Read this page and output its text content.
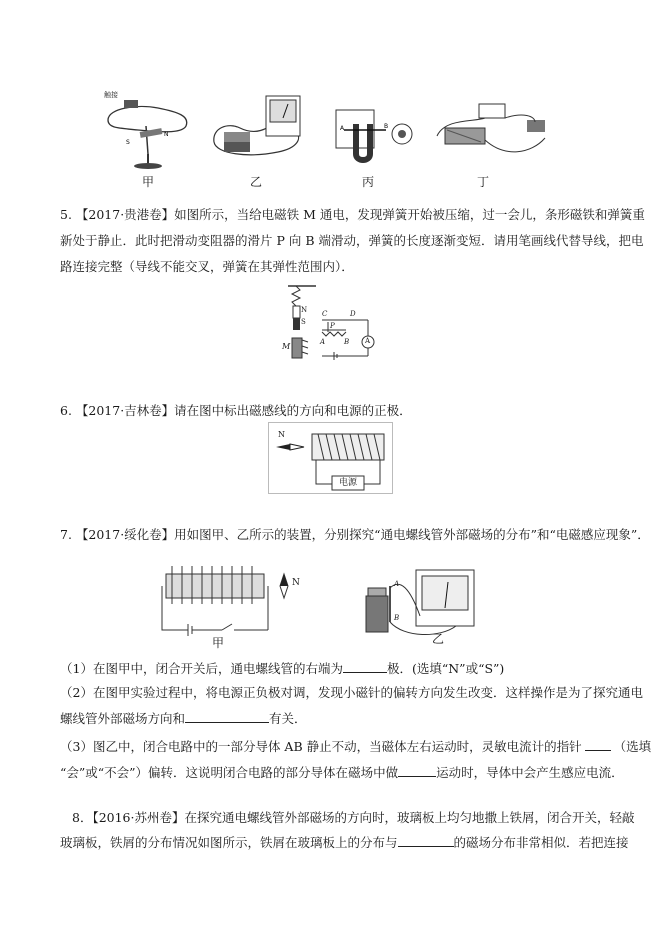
S
N
触接
甲	乙
A	B
丙	丁
5. 【2017·贵港卷】如图所示，当给电磁铁 M 通电，发现弹簧开始被压缩，过一会儿，条形磁铁和弹簧重
新处于静止．此时把滑动变阻器的滑片 P 向 B 端滑动，弹簧的长度逐渐变短．请用笔画线代替导线，把电
路连接完整（导线不能交叉，弹簧在其弹性范围内）．
N
S
M
C	D
P
A	B A
6. 【2017·吉林卷】请在图中标出磁感线的方向和电源的正极．
N
电源
7. 【2017·绥化卷】用如图甲、乙所示的装置，分别探究“通电螺线管外部磁场的分布”和“电磁感应现象”．
N
甲
A
B
乙
（1）在图甲中，闭合开关后，通电螺线管的右端为	极．(选填“N”或“S”)
（2）在图甲实验过程中，将电源正负极对调，发现小磁针的偏转方向发生改变．这样操作是为了探究通电
螺线管外部磁场方向和	有关．
（3）图乙中，闭合电路中的一部分导体 AB 静止不动，当磁体左右运动时，灵敏电流计的指针	（选填
“会”或“不会”）偏转．这说明闭合电路的部分导体在磁场中做	运动时，导体中会产生感应电流．
8．【2016·苏州卷】在探究通电螺线管外部磁场的方向时，玻璃板上均匀地撒上铁屑，闭合开关，轻敲
玻璃板，铁屑的分布情况如图所示，铁屑在玻璃板上的分布与	的磁场分布非常相似．若把连接
